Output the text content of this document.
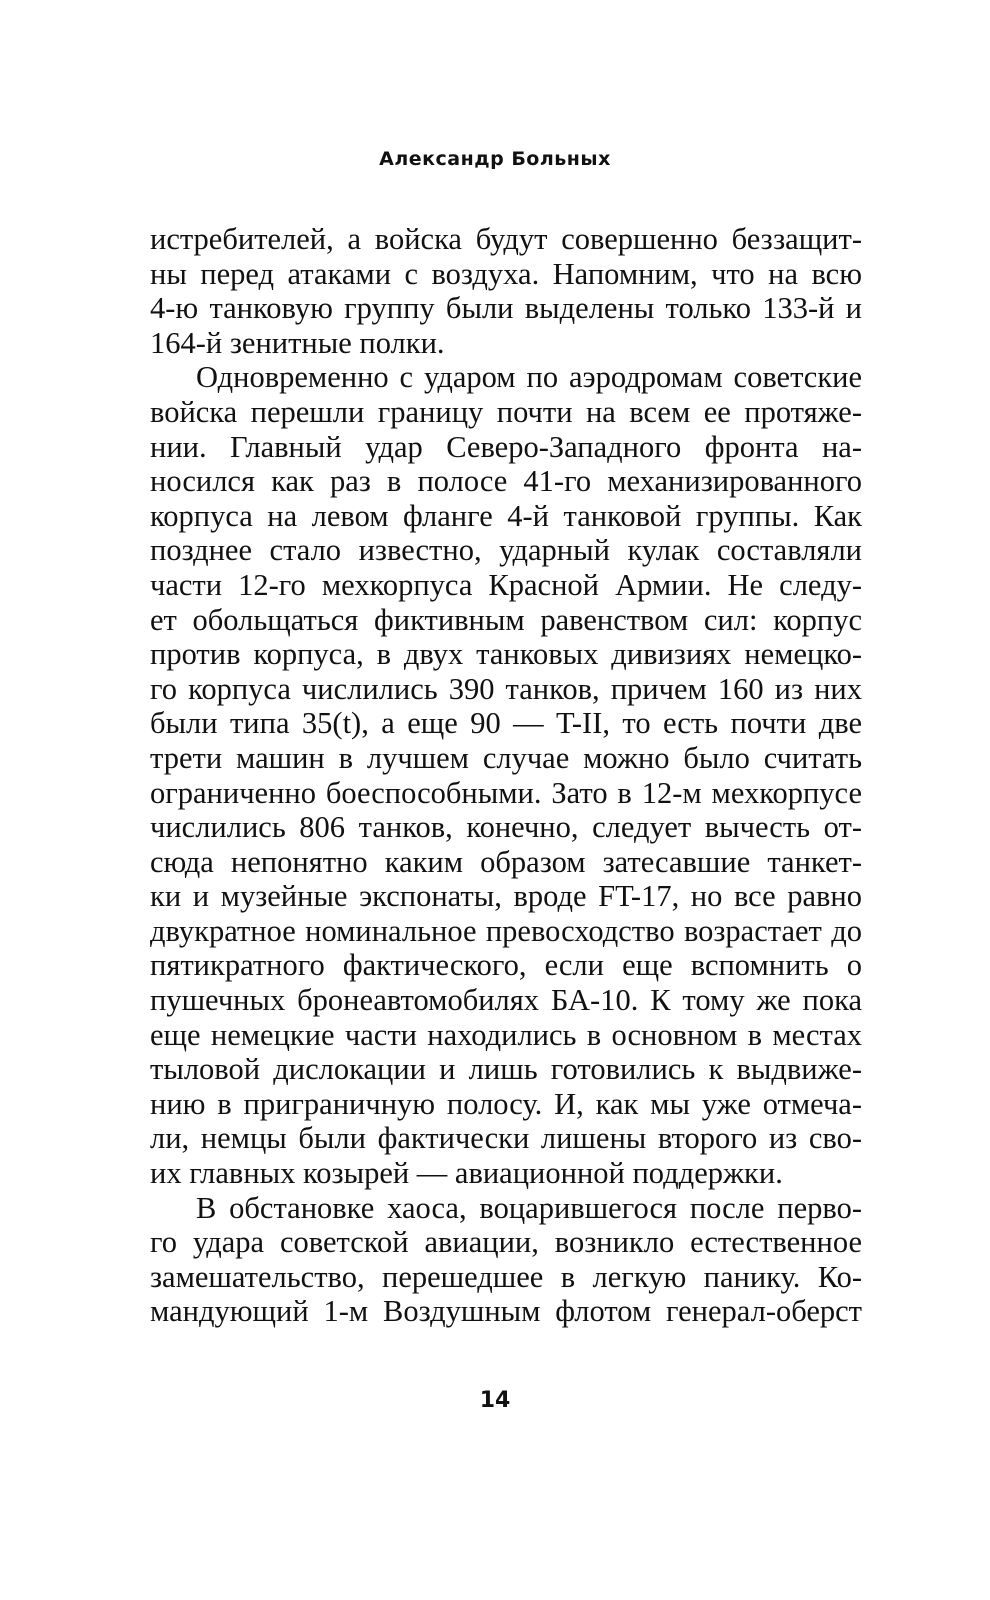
Александр Больных
истребителей, а войска будут совершенно беззащит-
ны перед атаками с воздуха. Напомним, что на всю
4-ю танковую группу были выделены только 133-й и
164-й зенитные полки.
Одновременно с ударом по аэродромам советские
войска перешли границу почти на всем ее протяже-
нии. Главный удар Северо-Западного фронта на-
носился как раз в полосе 41-го механизированного
корпуса на левом фланге 4-й танковой группы. Как
позднее стало известно, ударный кулак составляли
части 12-го мехкорпуса Красной Армии. Не следу-
ет обольщаться фиктивным равенством сил: корпус
против корпуса, в двух танковых дивизиях немецко-
го корпуса числились 390 танков, причем 160 из них
были типа 35(t), а еще 90 — T-II, то есть почти две
трети машин в лучшем случае можно было считать
ограниченно боеспособными. Зато в 12-м мехкорпусе
числились 806 танков, конечно, следует вычесть от-
сюда непонятно каким образом затесавшие танкет-
ки и музейные экспонаты, вроде FT-17, но все равно
двукратное номинальное превосходство возрастает до
пятикратного фактического, если еще вспомнить о
пушечных бронеавтомобилях БА-10. К тому же пока
еще немецкие части находились в основном в местах
тыловой дислокации и лишь готовились к выдвиже-
нию в приграничную полосу. И, как мы уже отмеча-
ли, немцы были фактически лишены второго из сво-
их главных козырей — авиационной поддержки.
В обстановке хаоса, воцарившегося после перво-
го удара советской авиации, возникло естественное
замешательство, перешедшее в легкую панику. Ко-
мандующий 1-м Воздушным флотом генерал-оберст
14
